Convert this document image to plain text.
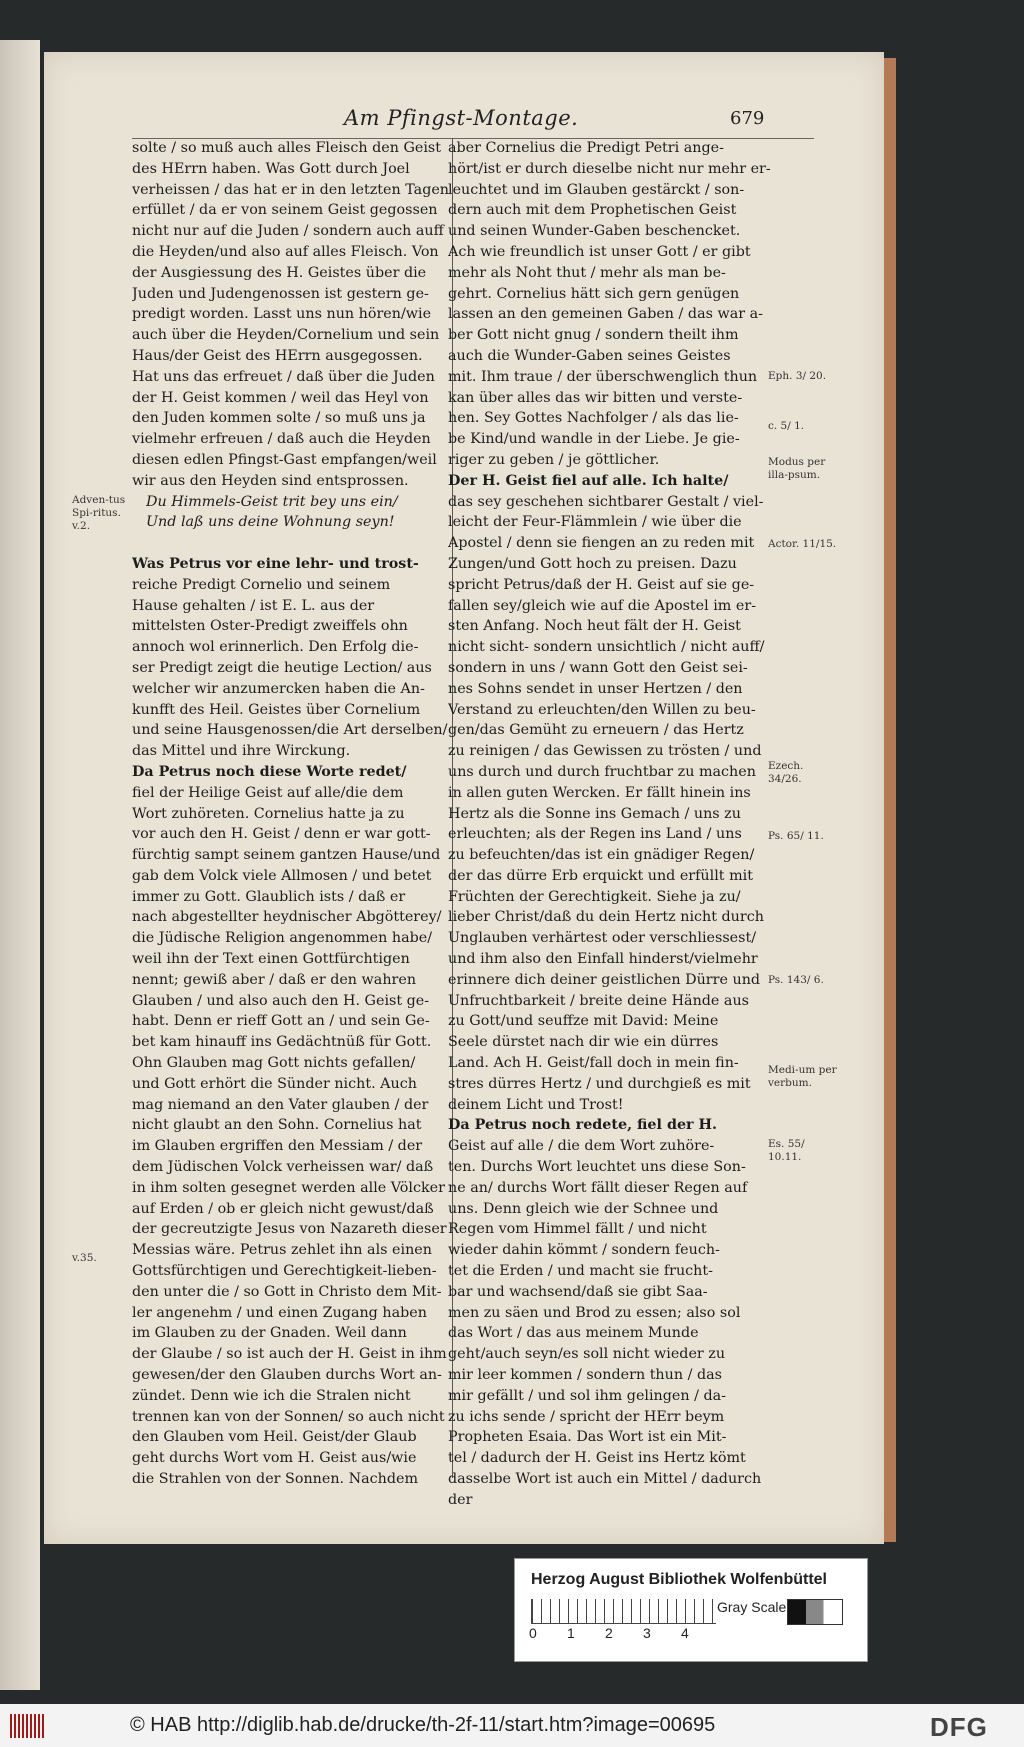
Am Pfingst-Montage.	679

solte / so muß auch alles Fleisch den Geist

des HErrn haben. Was Gott durch Joel

verheissen / das hat er in den letzten Tagen

erfüllet / da er von seinem Geist gegossen

nicht nur auf die Juden / sondern auch auff

die Heyden/und also auf alles Fleisch. Von

der Ausgiessung des H. Geistes über die

Juden und Judengenossen ist gestern ge-

predigt worden. Lasst uns nun hören/wie

auch über die Heyden/Cornelium und sein

Haus/der Geist des HErrn ausgegossen.

Hat uns das erfreuet / daß über die Juden

der H. Geist kommen / weil das Heyl von

den Juden kommen solte / so muß uns ja

vielmehr erfreuen / daß auch die Heyden

diesen edlen Pfingst-Gast empfangen/weil

wir aus den Heyden sind entsprossen.

Du Himmels-Geist trit bey uns ein/

Und laß uns deine Wohnung seyn!

Was Petrus vor eine lehr- und trost-

reiche Predigt Cornelio und seinem

Hause gehalten / ist E. L. aus der

mittelsten Oster-Predigt zweiffels ohn

annoch wol erinnerlich. Den Erfolg die-

ser Predigt zeigt die heutige Lection/ aus

welcher wir anzumercken haben die An-

kunfft des Heil. Geistes über Cornelium

und seine Hausgenossen/die Art derselben/

das Mittel und ihre Wirckung.

Da Petrus noch diese Worte redet/

fiel der Heilige Geist auf alle/die dem

Wort zuhöreten. Cornelius hatte ja zu

vor auch den H. Geist / denn er war gott-

fürchtig sampt seinem gantzen Hause/und

gab dem Volck viele Allmosen / und betet

immer zu Gott. Glaublich ists / daß er

nach abgestellter heydnischer Abgötterey/

die Jüdische Religion angenommen habe/

weil ihn der Text einen Gottfürchtigen

nennt; gewiß aber / daß er den wahren

Glauben / und also auch den H. Geist ge-

habt. Denn er rieff Gott an / und sein Ge-

bet kam hinauff ins Gedächtnüß für Gott.

Ohn Glauben mag Gott nichts gefallen/

und Gott erhört die Sünder nicht. Auch

mag niemand an den Vater glauben / der

nicht glaubt an den Sohn. Cornelius hat

im Glauben ergriffen den Messiam / der

dem Jüdischen Volck verheissen war/ daß

in ihm solten gesegnet werden alle Völcker

auf Erden / ob er gleich nicht gewust/daß

der gecreutzigte Jesus von Nazareth dieser

Messias wäre. Petrus zehlet ihn als einen

Gottsfürchtigen und Gerechtigkeit-lieben-

den unter die / so Gott in Christo dem Mit-

ler angenehm / und einen Zugang haben

im Glauben zu der Gnaden. Weil dann

der Glaube / so ist auch der H. Geist in ihm

gewesen/der den Glauben durchs Wort an-

zündet. Denn wie ich die Stralen nicht

trennen kan von der Sonnen/ so auch nicht

den Glauben vom Heil. Geist/der Glaub

geht durchs Wort vom H. Geist aus/wie

die Strahlen von der Sonnen. Nachdem

aber Cornelius die Predigt Petri ange-

hört/ist er durch dieselbe nicht nur mehr er-

leuchtet und im Glauben gestärckt / son-

dern auch mit dem Prophetischen Geist

und seinen Wunder-Gaben beschencket.

Ach wie freundlich ist unser Gott / er gibt

mehr als Noht thut / mehr als man be-

gehrt. Cornelius hätt sich gern genügen

lassen an den gemeinen Gaben / das war a-

ber Gott nicht gnug / sondern theilt ihm

auch die Wunder-Gaben seines Geistes

mit. Ihm traue / der überschwenglich thun

kan über alles das wir bitten und verste-

hen. Sey Gottes Nachfolger / als das lie-

be Kind/und wandle in der Liebe. Je gie-

riger zu geben / je göttlicher.

Der H. Geist fiel auf alle. Ich halte/

das sey geschehen sichtbarer Gestalt / viel-

leicht der Feur-Flämmlein / wie über die

Apostel / denn sie fiengen an zu reden mit

Zungen/und Gott hoch zu preisen. Dazu

spricht Petrus/daß der H. Geist auf sie ge-

fallen sey/gleich wie auf die Apostel im er-

sten Anfang. Noch heut fält der H. Geist

nicht sicht- sondern unsichtlich / nicht auff/

sondern in uns / wann Gott den Geist sei-

nes Sohns sendet in unser Hertzen / den

Verstand zu erleuchten/den Willen zu beu-

gen/das Gemüht zu erneuern / das Hertz

zu reinigen / das Gewissen zu trösten / und

uns durch und durch fruchtbar zu machen

in allen guten Wercken. Er fällt hinein ins

Hertz als die Sonne ins Gemach / uns zu

erleuchten; als der Regen ins Land / uns

zu befeuchten/das ist ein gnädiger Regen/

der das dürre Erb erquickt und erfüllt mit

Früchten der Gerechtigkeit. Siehe ja zu/

lieber Christ/daß du dein Hertz nicht durch

Unglauben verhärtest oder verschliessest/

und ihm also den Einfall hinderst/vielmehr

erinnere dich deiner geistlichen Dürre und

Unfruchtbarkeit / breite deine Hände aus

zu Gott/und seuffze mit David: Meine

Seele dürstet nach dir wie ein dürres

Land. Ach H. Geist/fall doch in mein fin-

stres dürres Hertz / und durchgieß es mit

deinem Licht und Trost!

Da Petrus noch redete, fiel der H.

Geist auf alle / die dem Wort zuhöre-

ten. Durchs Wort leuchtet uns diese Son-

ne an/ durchs Wort fällt dieser Regen auf

uns. Denn gleich wie der Schnee und

Regen vom Himmel fällt / und nicht

wieder dahin kömmt / sondern feuch-

tet die Erden / und macht sie frucht-

bar und wachsend/daß sie gibt Saa-

men zu säen und Brod zu essen; also sol

das Wort / das aus meinem Munde

geht/auch seyn/es soll nicht wieder zu

mir leer kommen / sondern thun / das

mir gefällt / und sol ihm gelingen / da-

zu ichs sende / spricht der HErr beym

Propheten Esaia. Das Wort ist ein Mit-

tel / dadurch der H. Geist ins Hertz kömt

dasselbe Wort ist auch ein Mittel / dadurch

der

Adven-tus Spi-ritus. v.2.
v.35.
Eph. 3/ 20.
c. 5/ 1.
Modus per illa-psum.
Actor. 11/15.
Ezech. 34/26.
Ps. 65/ 11.
Ps. 143/ 6.
Medi-um per verbum.
Es. 55/ 10.11.
Herzog August Bibliothek Wolfenbüttel
0 1 2 3 4
Gray Scale
© HAB http://diglib.hab.de/drucke/th-2f-11/start.htm?image=00695	DFG
